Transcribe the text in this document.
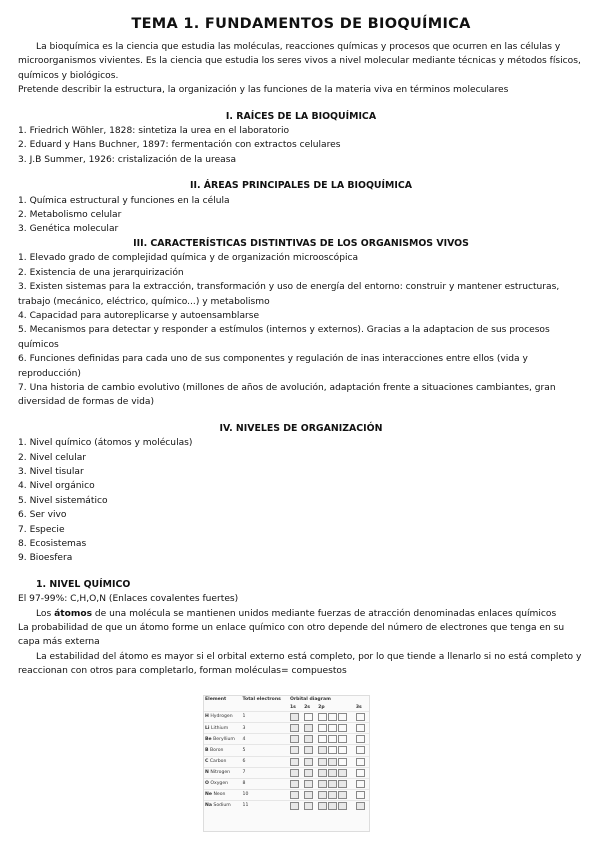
TEMA 1. FUNDAMENTOS DE BIOQUÍMICA

La bioquímica es la ciencia que estudia las moléculas, reacciones químicas y procesos que ocurren en las células y microorganismos vivientes. Es la ciencia que estudia los seres vivos a nivel molecular mediante técnicas y métodos físicos, químicos y biológicos.

Pretende describir la estructura, la organización y las funciones de la materia viva en términos moleculares

I. RAÍCES DE LA BIOQUÍMICA
1. Friedrich Wöhler, 1828: sintetiza la urea en el laboratorio
2. Eduard y Hans Buchner, 1897: fermentación con extractos celulares
3. J.B Summer, 1926: cristalización de la ureasa
II. ÁREAS PRINCIPALES DE LA BIOQUÍMICA
1. Química estructural y funciones en la célula
2. Metabolismo celular
3. Genética molecular
III. CARACTERÍSTICAS DISTINTIVAS DE LOS ORGANISMOS VIVOS
1. Elevado grado de complejidad química y de organización microoscópica
2. Existencia de una jerarquirización
3. Existen sistemas para la extracción, transformación y uso de energía del entorno: construir y mantener estructuras, trabajo (mecánico, eléctrico, químico...) y metabolismo
4. Capacidad para autoreplicarse y autoensamblarse
5. Mecanismos para detectar y responder a estímulos (internos y externos). Gracias a la adaptacion de sus procesos químicos
6. Funciones definidas para cada uno de sus componentes y regulación de inas interacciones entre ellos (vida y reproducción)
7. Una historia de cambio evolutivo (millones de años de avolución, adaptación frente a situaciones cambiantes, gran diversidad de formas de vida)
IV. NIVELES DE ORGANIZACIÓN
1. Nivel químico (átomos y moléculas)
2. Nivel celular
3. Nivel tisular
4. Nivel orgánico
5. Nivel sistemático
6. Ser vivo
7. Especie
8. Ecosistemas
9. Bioesfera
1. NIVEL QUÍMICO

El 97-99%: C,H,O,N (Enlaces covalentes fuertes)

Los átomos de una molécula se mantienen unidos mediante fuerzas de atracción denominadas enlaces químicos

La probabilidad de que un átomo forme un enlace químico con otro depende del número de electrones que tenga en su capa más externa

La estabilidad del átomo es mayor si el orbital externo está completo, por lo que tiende a llenarlo si no está completo y reaccionan con otros para completarlo, forman moléculas= compuestos

Element	Total electrons	Orbital diagram			
		1s	2s	2p	3s
H Hydrogen	1				
Li Lithium	3				
Be Beryllium	4				
B Boron	5				
C Carbon	6				
N Nitrogen	7				
O Oxygen	8				
Ne Neon	10				
Na Sodium	11				
